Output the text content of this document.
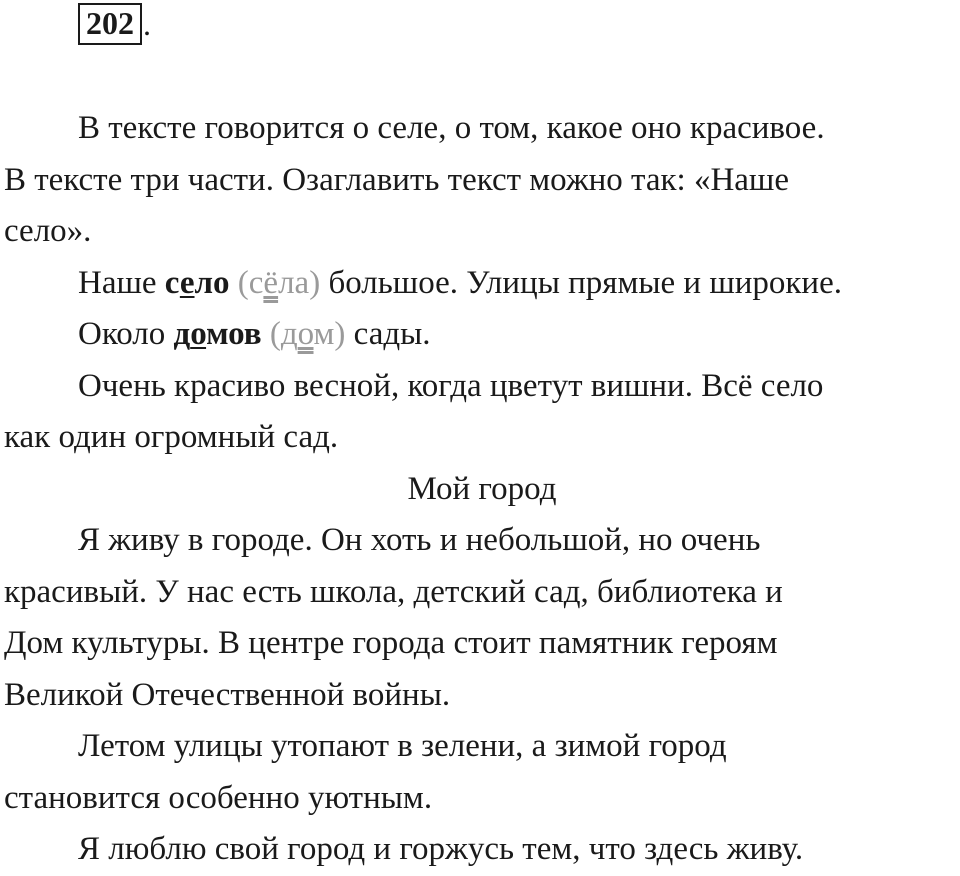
202 .

В тексте говорится о селе, о том, какое оно красивое.

В тексте три части. Озаглавить текст можно так: «Наше

село».

Наше село (сёла) большое. Улицы прямые и широкие.

Около домов (дом) сады.

Очень красиво весной, когда цветут вишни. Всё село

как один огромный сад.

Мой город

Я живу в городе. Он хоть и небольшой, но очень

красивый. У нас есть школа, детский сад, библиотека и

Дом культуры. В центре города стоит памятник героям

Великой Отечественной войны.

Летом улицы утопают в зелени, а зимой город

становится особенно уютным.

Я люблю свой город и горжусь тем, что здесь живу.
